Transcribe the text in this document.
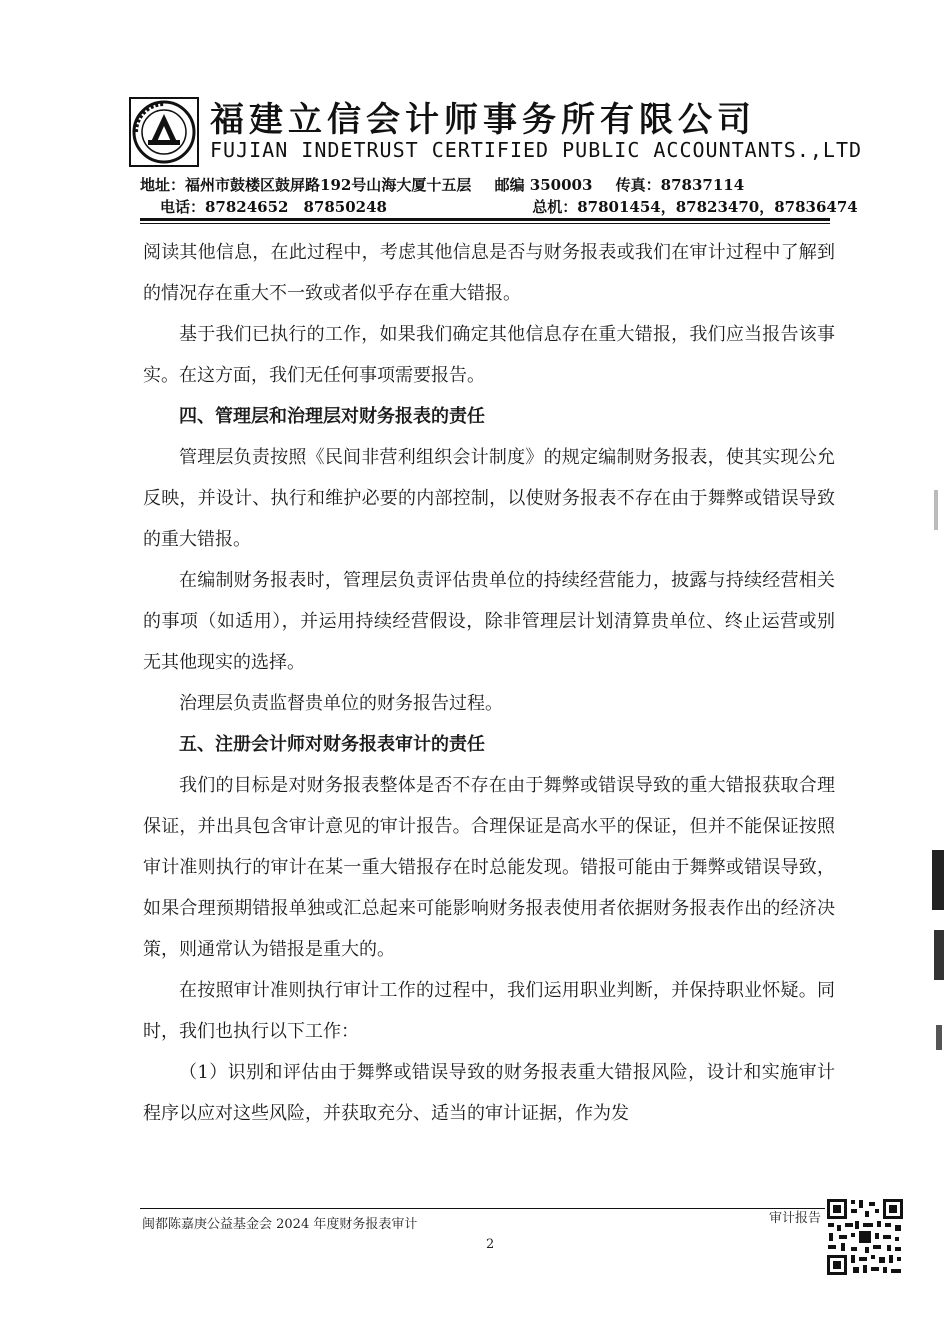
福建立信会计师事务所有限公司
FUJIAN INDETRUST CERTIFIED PUBLIC ACCOUNTANTS.,LTD
地址：福州市鼓楼区鼓屏路192号山海大厦十五层 邮编 350003 传真：87837114
电话：87824652　87850248	总机：87801454，87823470，87836474

阅读其他信息，在此过程中，考虑其他信息是否与财务报表或我们在审计过程中了解到的情况存在重大不一致或者似乎存在重大错报。

基于我们已执行的工作，如果我们确定其他信息存在重大错报，我们应当报告该事实。在这方面，我们无任何事项需要报告。

四、管理层和治理层对财务报表的责任

管理层负责按照《民间非营利组织会计制度》的规定编制财务报表，使其实现公允反映，并设计、执行和维护必要的内部控制，以使财务报表不存在由于舞弊或错误导致的重大错报。

在编制财务报表时，管理层负责评估贵单位的持续经营能力，披露与持续经营相关的事项（如适用），并运用持续经营假设，除非管理层计划清算贵单位、终止运营或别无其他现实的选择。

治理层负责监督贵单位的财务报告过程。

五、注册会计师对财务报表审计的责任

我们的目标是对财务报表整体是否不存在由于舞弊或错误导致的重大错报获取合理保证，并出具包含审计意见的审计报告。合理保证是高水平的保证，但并不能保证按照审计准则执行的审计在某一重大错报存在时总能发现。错报可能由于舞弊或错误导致，如果合理预期错报单独或汇总起来可能影响财务报表使用者依据财务报表作出的经济决策，则通常认为错报是重大的。

在按照审计准则执行审计工作的过程中，我们运用职业判断，并保持职业怀疑。同时，我们也执行以下工作：

（1）识别和评估由于舞弊或错误导致的财务报表重大错报风险，设计和实施审计程序以应对这些风险，并获取充分、适当的审计证据，作为发

闽都陈嘉庚公益基金会 2024 年度财务报表审计	审计报告
2
